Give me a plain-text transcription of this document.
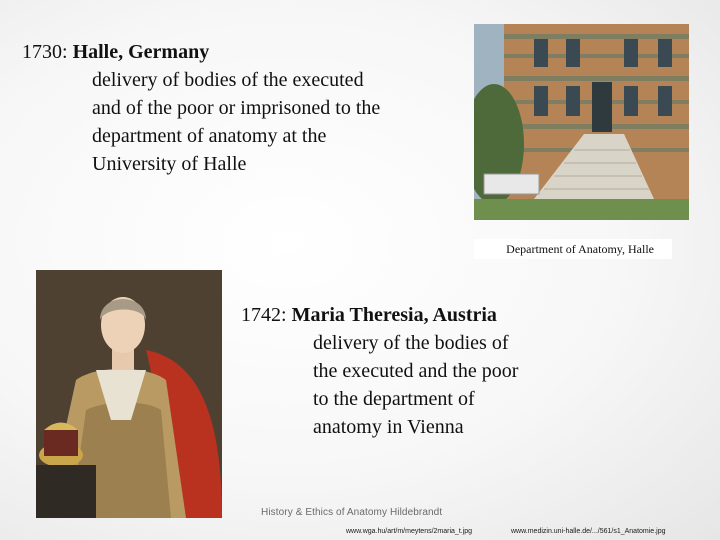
1730: Halle, Germany
delivery of bodies of the executed
and of the poor or imprisoned to the
department of anatomy at the
University of Halle
Department of Anatomy, Halle
1742: Maria Theresia, Austria
delivery of the bodies of
the executed and the poor
to the department of
anatomy in Vienna
History & Ethics of Anatomy Hildebrandt
www.wga.hu/art/m/meytens/2maria_t.jpg	www.medizin.uni-halle.de/.../561/s1_Anatomie.jpg
